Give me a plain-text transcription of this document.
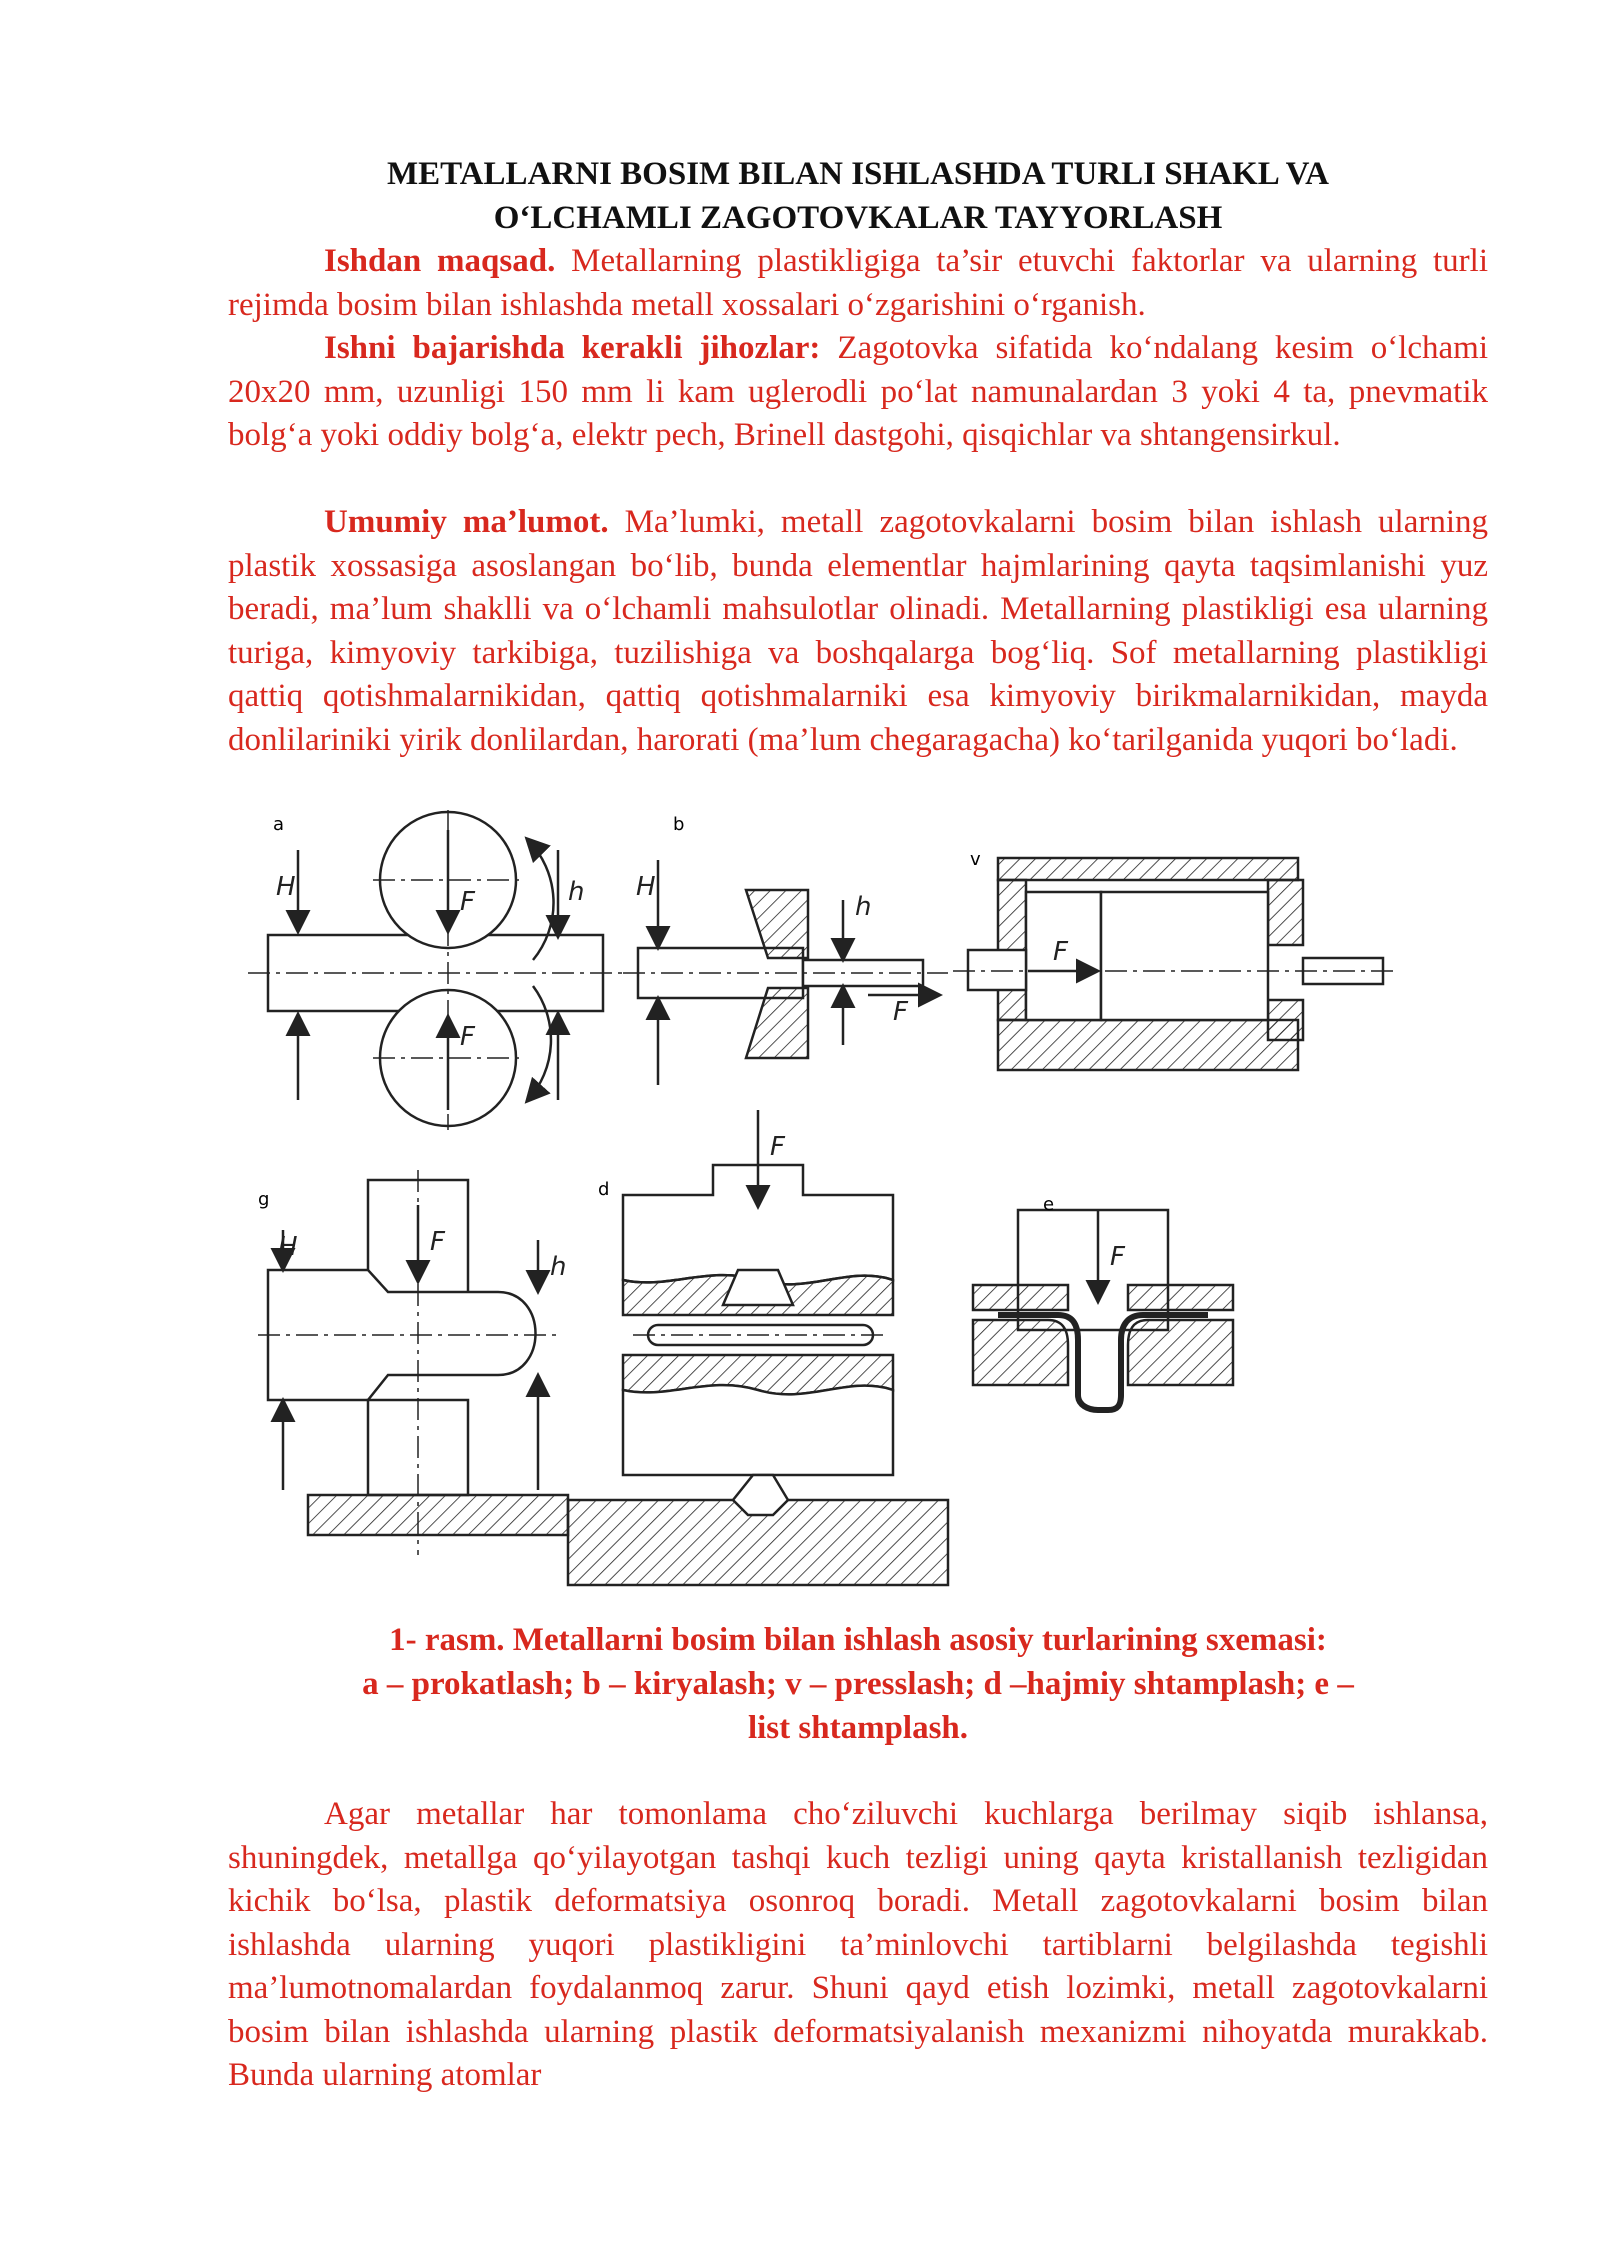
METALLARNI BOSIM BILAN ISHLASHDA TURLI SHAKL VA
O‘LCHAMLI ZAGOTOVKALAR TAYYORLASH
Ishdan maqsad. Metallarning plastikligiga ta’sir etuvchi faktorlar va ularning turli rejimda bosim bilan ishlashda metall xossalari o‘zgarishini o‘rganish.
Ishni bajarishda kerakli jihozlar: Zagotovka sifatida ko‘ndalang kesim o‘lchami 20x20 mm, uzunligi 150 mm li kam uglerodli po‘lat namunalardan 3 yoki 4 ta, pnevmatik bolg‘a yoki oddiy bolg‘a, elektr pech, Brinell dastgohi, qisqichlar va shtangensirkul.
Umumiy ma’lumot. Ma’lumki, metall zagotovkalarni bosim bilan ishlash ularning plastik xossasiga asoslangan bo‘lib, bunda elementlar hajmlarining qayta taqsimlanishi yuz beradi, ma’lum shaklli va o‘lchamli mahsulotlar olinadi. Metallarning plastikligi esa ularning turiga, kimyoviy tarkibiga, tuzilishiga va boshqalarga bog‘liq. Sof metallarning plastikligi qattiq qotishmalarnikidan, qattiq qotishmalarniki esa kimyoviy birikmalarnikidan, mayda donlilariniki yirik donlilardan, harorati (ma’lum chegaragacha) ko‘tarilganida yuqori bo‘ladi.
a	b
v
g	d
e
F
F
H	h H
h
F
F
H	F
h
F
F
1- rasm. Metallarni bosim bilan ishlash asosiy turlarining sxemasi:
a – prokatlash; b – kiryalash; v – presslash; d –hajmiy shtamplash; e –
list shtamplash.
Agar metallar har tomonlama cho‘ziluvchi kuchlarga berilmay siqib ishlansa, shuningdek, metallga qo‘yilayotgan tashqi kuch tezligi uning qayta kristallanish tezligidan kichik bo‘lsa, plastik deformatsiya osonroq boradi. Metall zagotovkalarni bosim bilan ishlashda ularning yuqori plastikligini ta’minlovchi tartiblarni belgilashda tegishli ma’lumotnomalardan foydalanmoq zarur. Shuni qayd etish lozimki, metall zagotovkalarni bosim bilan ishlashda ularning plastik deformatsiyalanish mexanizmi nihoyatda murakkab. Bunda ularning atomlar
